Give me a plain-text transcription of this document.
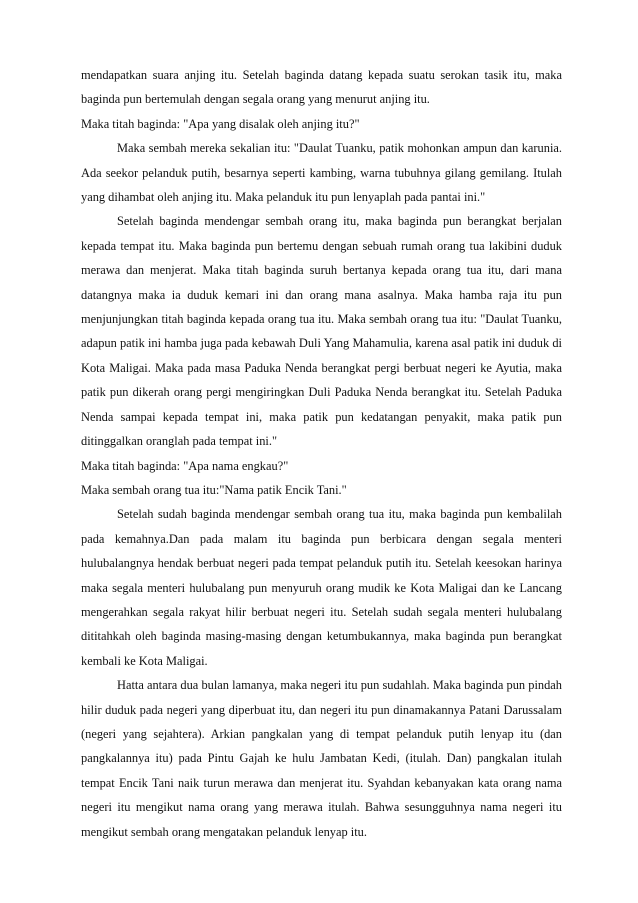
mendapatkan suara anjing itu. Setelah baginda datang kepada suatu serokan tasik itu, maka baginda pun bertemulah dengan segala orang yang menurut anjing itu.

Maka titah baginda: "Apa yang disalak oleh anjing itu?"

Maka sembah mereka sekalian itu: "Daulat Tuanku, patik mohonkan ampun dan karunia. Ada seekor pelanduk putih, besarnya seperti kambing, warna tubuhnya gilang gemilang. Itulah yang dihambat oleh anjing itu. Maka pelanduk itu pun lenyaplah pada pantai ini."

Setelah baginda mendengar sembah orang itu, maka baginda pun berangkat berjalan kepada tempat itu. Maka baginda pun bertemu dengan sebuah rumah orang tua lakibini duduk merawa dan menjerat. Maka titah baginda suruh bertanya kepada orang tua itu, dari mana datangnya maka ia duduk kemari ini dan orang mana asalnya. Maka hamba raja itu pun menjunjungkan titah baginda kepada orang tua itu. Maka sembah orang tua itu: "Daulat Tuanku, adapun patik ini hamba juga pada kebawah Duli Yang Mahamulia, karena asal patik ini duduk di Kota Maligai. Maka pada masa Paduka Nenda berangkat pergi berbuat negeri ke Ayutia, maka patik pun dikerah orang pergi mengiringkan Duli Paduka Nenda berangkat itu. Setelah Paduka Nenda sampai kepada tempat ini, maka patik pun kedatangan penyakit, maka patik pun ditinggalkan oranglah pada tempat ini."

Maka titah baginda: "Apa nama engkau?"

Maka sembah orang tua itu:"Nama patik Encik Tani."

Setelah sudah baginda mendengar sembah orang tua itu, maka baginda pun kembalilah pada kemahnya.Dan pada malam itu baginda pun berbicara dengan segala menteri hulubalangnya hendak berbuat negeri pada tempat pelanduk putih itu. Setelah keesokan harinya maka segala menteri hulubalang pun menyuruh orang mudik ke Kota Maligai dan ke Lancang mengerahkan segala rakyat hilir berbuat negeri itu. Setelah sudah segala menteri hulubalang dititahkah oleh baginda masing-masing dengan ketumbukannya, maka baginda pun berangkat kembali ke Kota Maligai.

Hatta antara dua bulan lamanya, maka negeri itu pun sudahlah. Maka baginda pun pindah hilir duduk pada negeri yang diperbuat itu, dan negeri itu pun dinamakannya Patani Darussalam (negeri yang sejahtera). Arkian pangkalan yang di tempat pelanduk putih lenyap itu (dan pangkalannya itu) pada Pintu Gajah ke hulu Jambatan Kedi, (itulah. Dan) pangkalan itulah tempat Encik Tani naik turun merawa dan menjerat itu. Syahdan kebanyakan kata orang nama negeri itu mengikut nama orang yang merawa itulah. Bahwa sesungguhnya nama negeri itu mengikut sembah orang mengatakan pelanduk lenyap itu.
